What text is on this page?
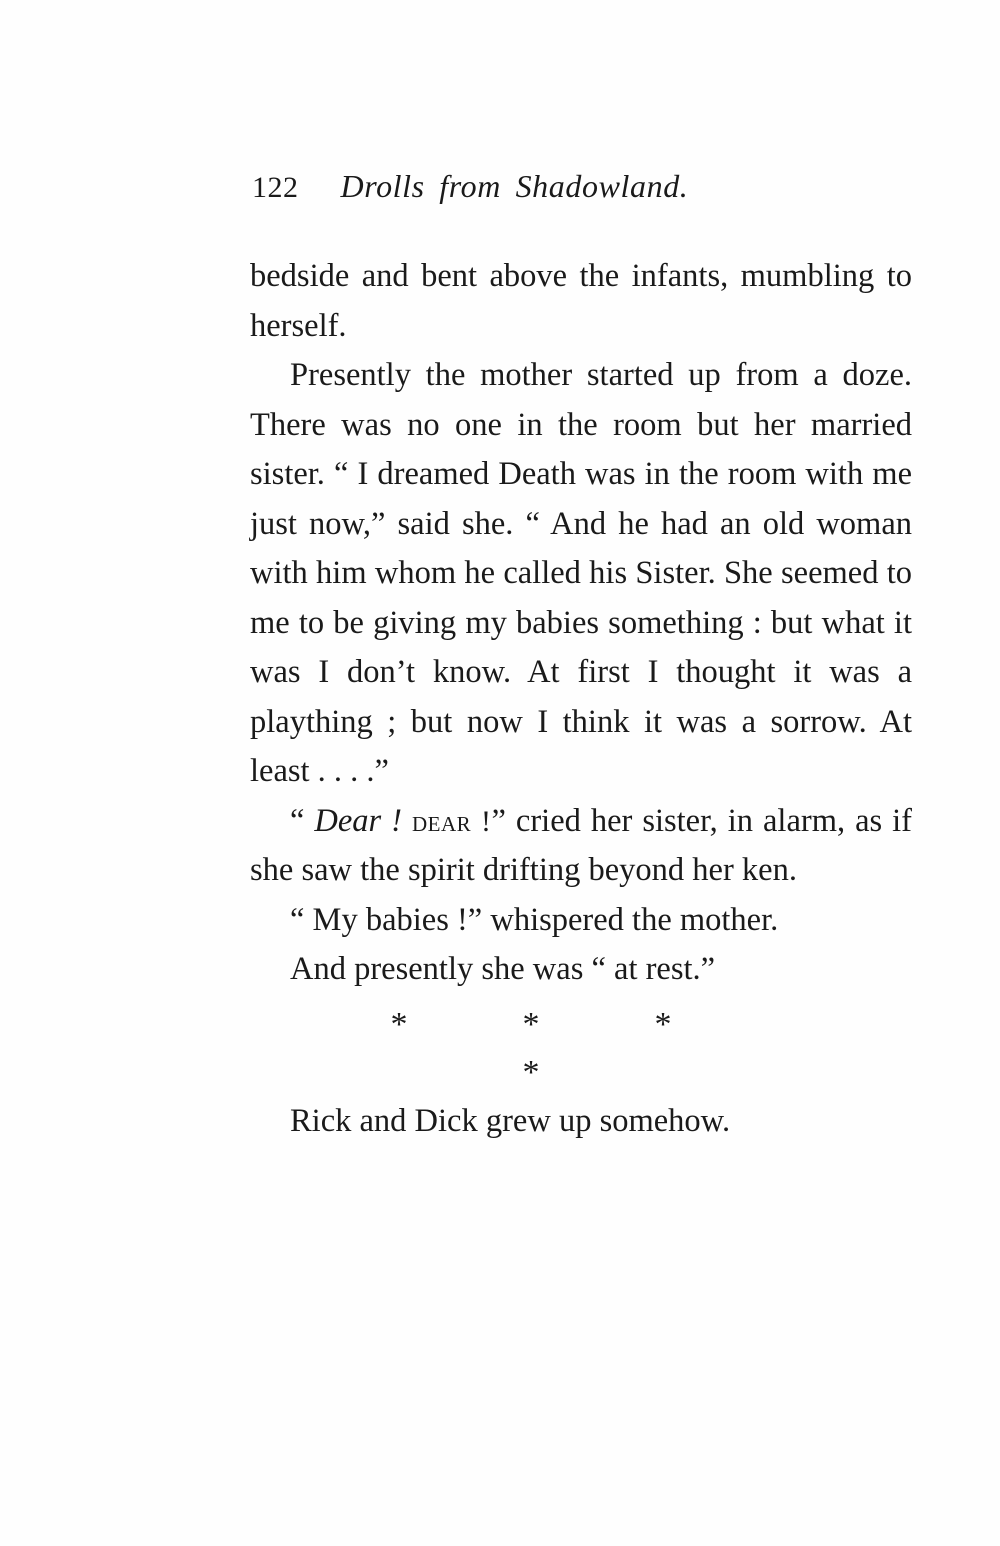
122 Drolls from Shadowland.

bedside and bent above the infants, mumbling to herself.

Presently the mother started up from a doze. There was no one in the room but her married sister. “ I dreamed Death was in the room with me just now,” said she. “ And he had an old woman with him whom he called his Sister. She seemed to me to be giving my babies something : but what it was I don’t know. At first I thought it was a plaything ; but now I think it was a sorrow. At least . . . .”

“ Dear ! dear !” cried her sister, in alarm, as if she saw the spirit drifting beyond her ken.

“ My babies !” whispered the mother.

And presently she was “ at rest.”

*	*	**

Rick and Dick grew up somehow.
